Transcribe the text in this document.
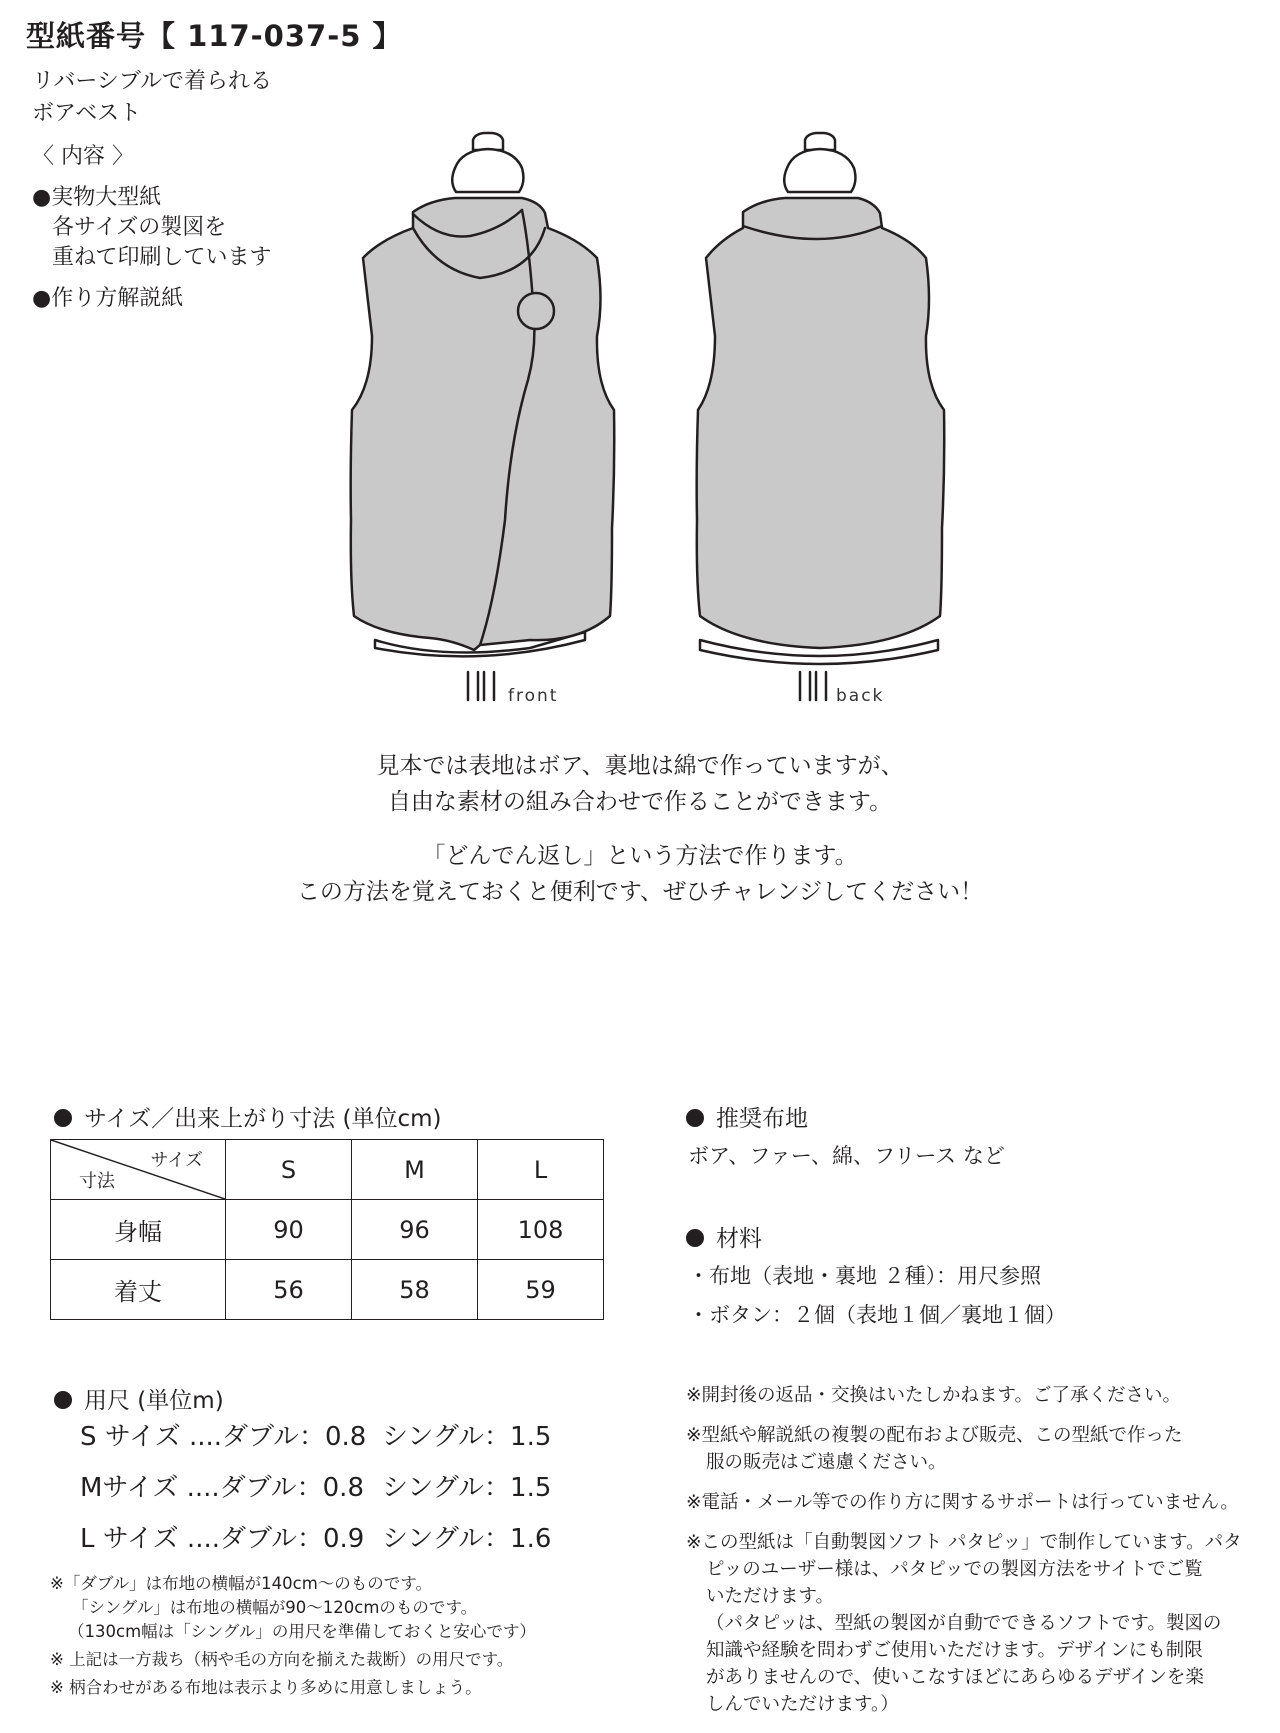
型紙番号【 117-037-5 】
リバーシブルで着られる
ボアベスト
〈 内容 〉
●実物大型紙
各サイズの製図を
重ねて印刷しています
●作り方解説紙
front	back
見本では表地はボア、裏地は綿で作っていますが、
自由な素材の組み合わせで作ることができます。
「どんでん返し」という方法で作ります。
この方法を覚えておくと便利です、ぜひチャレンジしてください！
サイズ／出来上がり寸法 (単位cm)
サイズ
寸法	S	M	L
身幅	90	96	108
着丈	56	58	59
用尺 (単位m)
S サイズ ....ダブル：0.8 シングル：1.5
Mサイズ ....ダブル：0.8 シングル：1.5
L サイズ ....ダブル：0.9 シングル：1.6
※「ダブル」は布地の横幅が140cm〜のものです。
「シングル」は布地の横幅が90〜120cmのものです。
（130cm幅は「シングル」の用尺を準備しておくと安心です）
※ 上記は一方裁ち（柄や毛の方向を揃えた裁断）の用尺です。
※ 柄合わせがある布地は表示より多めに用意しましょう。
推奨布地
ボア、ファー、綿、フリース など
材料
・布地（表地・裏地 ２種）：用尺参照
・ボタン：２個（表地１個／裏地１個）
※開封後の返品・交換はいたしかねます。ご了承ください。
※型紙や解説紙の複製の配布および販売、この型紙で作った
服の販売はご遠慮ください。
※電話・メール等での作り方に関するサポートは行っていません。
※この型紙は「自動製図ソフト パタピッ」で制作しています。パタ
ピッのユーザー様は、パタピッでの製図方法をサイトでご覧
いただけます。
（パタピッは、型紙の製図が自動でできるソフトです。製図の
知識や経験を問わずご使用いただけます。デザインにも制限
がありませんので、使いこなすほどにあらゆるデザインを楽
しんでいただけます。）
